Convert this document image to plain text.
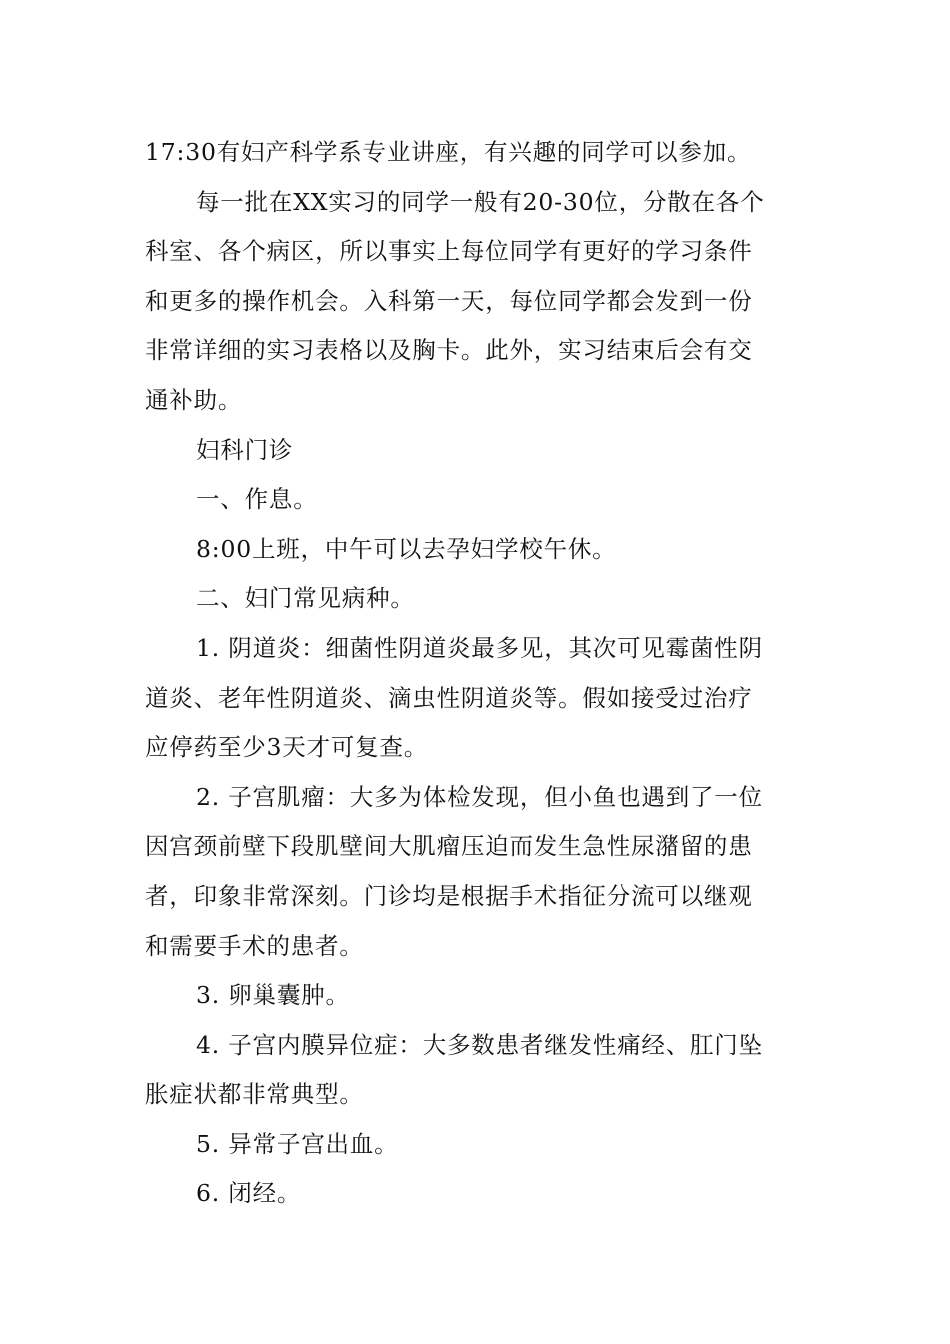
17:30有妇产科学系专业讲座，有兴趣的同学可以参加。
每一批在XX实习的同学一般有20-30位，分散在各个
科室、各个病区，所以事实上每位同学有更好的学习条件
和更多的操作机会。入科第一天，每位同学都会发到一份
非常详细的实习表格以及胸卡。此外，实习结束后会有交
通补助。
妇科门诊
一、作息。
8:00上班，中午可以去孕妇学校午休。
二、妇门常见病种。
1. 阴道炎：细菌性阴道炎最多见，其次可见霉菌性阴
道炎、老年性阴道炎、滴虫性阴道炎等。假如接受过治疗
应停药至少3天才可复查。
2. 子宫肌瘤：大多为体检发现，但小鱼也遇到了一位
因宫颈前壁下段肌壁间大肌瘤压迫而发生急性尿潴留的患
者，印象非常深刻。门诊均是根据手术指征分流可以继观
和需要手术的患者。
3. 卵巢囊肿。
4. 子宫内膜异位症：大多数患者继发性痛经、肛门坠
胀症状都非常典型。
5. 异常子宫出血。
6. 闭经。
